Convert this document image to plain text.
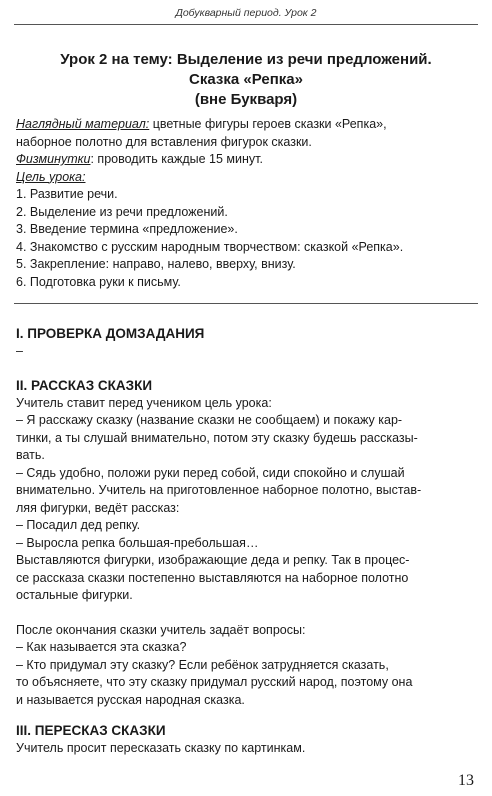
Добукварный период. Урок 2
Урок 2 на тему: Выделение из речи предложений.
Сказка «Репка»
(вне Букваря)

Наглядный материал: цветные фигуры героев сказки «Репка»,

наборное полотно для вставления фигурок сказки.

Физминутки: проводить каждые 15 минут.

Цель урока:

1. Развитие речи.

2. Выделение из речи предложений.

3. Введение термина «предложение».

4. Знакомство с русским народным творчеством: сказкой «Репка».

5. Закрепление: направо, налево, вверху, внизу.

6. Подготовка руки к письму.

I. ПРОВЕРКА ДОМЗАДАНИЯ

–

II. РАССКАЗ СКАЗКИ

Учитель ставит перед учеником цель урока:

– Я расскажу сказку (название сказки не сообщаем) и покажу кар-

тинки, а ты слушай внимательно, потом эту сказку будешь рассказы-

вать.

– Сядь удобно, положи руки перед собой, сиди спокойно и слушай

внимательно. Учитель на приготовленное наборное полотно, выстав-

ляя фигурки, ведёт рассказ:

– Посадил дед репку.

– Выросла репка большая-пребольшая…

Выставляются фигурки, изображающие деда и репку. Так в процес-

се рассказа сказки постепенно выставляются на наборное полотно

остальные фигурки.

После окончания сказки учитель задаёт вопросы:

– Как называется эта сказка?

– Кто придумал эту сказку? Если ребёнок затрудняется сказать,

то объясняете, что эту сказку придумал русский народ, поэтому она

и называется русская народная сказка.

III. ПЕРЕСКАЗ СКАЗКИ

Учитель просит пересказать сказку по картинкам.

13
